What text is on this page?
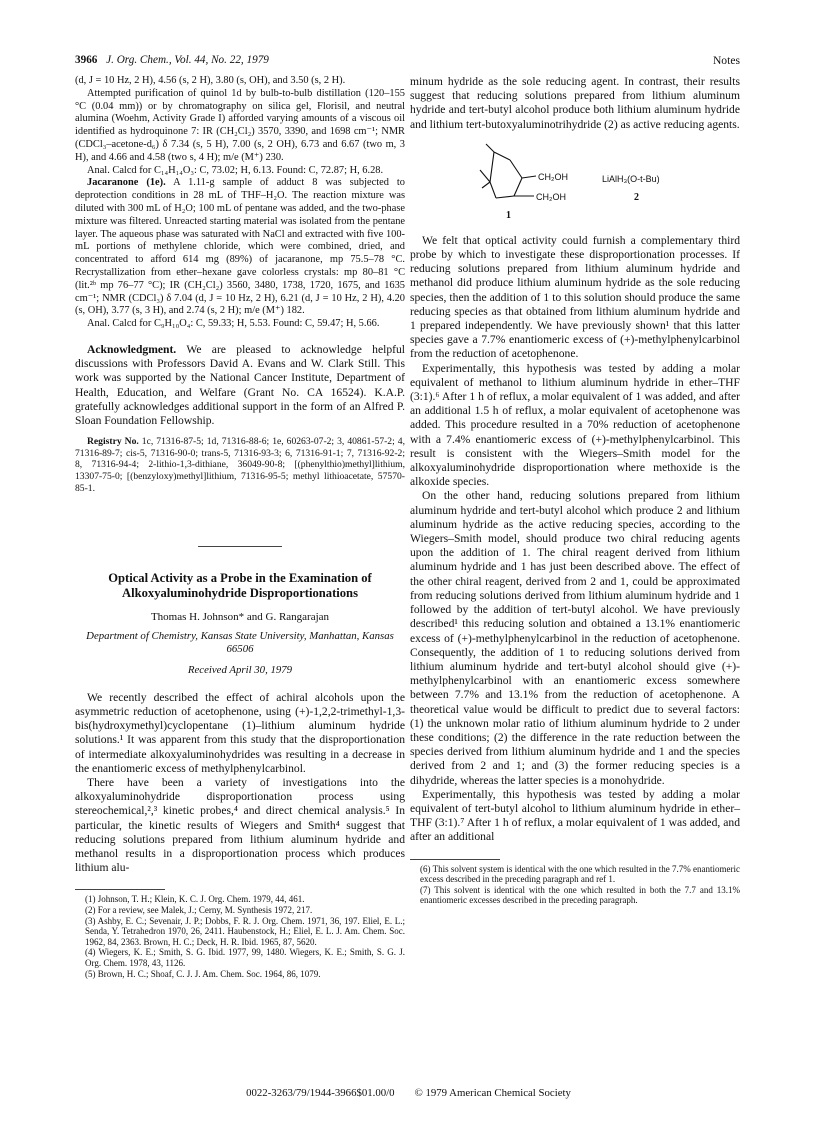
3966 J. Org. Chem., Vol. 44, No. 22, 1979	Notes

(d, J = 10 Hz, 2 H), 4.56 (s, 2 H), 3.80 (s, OH), and 3.50 (s, 2 H).

Attempted purification of quinol 1d by bulb-to-bulb distillation (120–155 °C (0.04 mm)) or by chromatography on silica gel, Florisil, and neutral alumina (Woehm, Activity Grade I) afforded varying amounts of a viscous oil identified as hydroquinone 7: IR (CH₂Cl₂) 3570, 3390, and 1698 cm⁻¹; NMR (CDCl₃–acetone-d₆) δ 7.34 (s, 5 H), 7.00 (s, 2 OH), 6.73 and 6.67 (two m, 3 H), and 4.66 and 4.58 (two s, 4 H); m/e (M⁺) 230.

Anal. Calcd for C₁₄H₁₄O₃: C, 73.02; H, 6.13. Found: C, 72.87; H, 6.28.

Jacaranone (1e). A 1.11-g sample of adduct 8 was subjected to deprotection conditions in 28 mL of THF–H₂O. The reaction mixture was diluted with 300 mL of H₂O; 100 mL of pentane was added, and the two-phase mixture was filtered. Unreacted starting material was isolated from the pentane layer. The aqueous phase was saturated with NaCl and extracted with five 100-mL portions of methylene chloride, which were combined, dried, and concentrated to afford 614 mg (89%) of jacaranone, mp 75.5–78 °C. Recrystallization from ether–hexane gave colorless crystals: mp 80–81 °C (lit.²ᵇ mp 76–77 °C); IR (CH₂Cl₂) 3560, 3480, 1738, 1720, 1675, and 1635 cm⁻¹; NMR (CDCl₃) δ 7.04 (d, J = 10 Hz, 2 H), 6.21 (d, J = 10 Hz, 2 H), 4.20 (s, OH), 3.77 (s, 3 H), and 2.74 (s, 2 H); m/e (M⁺) 182.

Anal. Calcd for C₉H₁₀O₄: C, 59.33; H, 5.53. Found: C, 59.47; H, 5.66.

Acknowledgment. We are pleased to acknowledge helpful discussions with Professors David A. Evans and W. Clark Still. This work was supported by the National Cancer Institute, Department of Health, Education, and Welfare (Grant No. CA 16524). K.A.P. gratefully acknowledges additional support in the form of an Alfred P. Sloan Foundation Fellowship.

Registry No. 1c, 71316-87-5; 1d, 71316-88-6; 1e, 60263-07-2; 3, 40861-57-2; 4, 71316-89-7; cis-5, 71316-90-0; trans-5, 71316-93-3; 6, 71316-91-1; 7, 71316-92-2; 8, 71316-94-4; 2-lithio-1,3-dithiane, 36049-90-8; [(phenylthio)methyl]lithium, 13307-75-0; [(benzyloxy)methyl]lithium, 71316-95-5; methyl lithioacetate, 57570-85-1.

Optical Activity as a Probe in the Examination of Alkoxyaluminohydride Disproportionations
Thomas H. Johnson* and G. Rangarajan
Department of Chemistry, Kansas State University, Manhattan, Kansas 66506
Received April 30, 1979

We recently described the effect of achiral alcohols upon the asymmetric reduction of acetophenone, using (+)-1,2,2-trimethyl-1,3-bis(hydroxymethyl)cyclopentane (1)–lithium aluminum hydride solutions.¹ It was apparent from this study that the disproportionation of intermediate alkoxyaluminohydrides was resulting in a decrease in the enantiomeric excess of methylphenylcarbinol.

There have been a variety of investigations into the alkoxyaluminohydride disproportionation process using stereochemical,²,³ kinetic probes,⁴ and direct chemical analysis.⁵ In particular, the kinetic results of Wiegers and Smith⁴ suggest that reducing solutions prepared from lithium aluminum hydride and methanol results in a disproportionation process which produces lithium alu-

(1) Johnson, T. H.; Klein, K. C. J. Org. Chem. 1979, 44, 461.
(2) For a review, see Malek, J.; Cerny, M. Synthesis 1972, 217.
(3) Ashby, E. C.; Sevenair, J. P.; Dobbs, F. R. J. Org. Chem. 1971, 36, 197. Eliel, E. L.; Senda, Y. Tetrahedron 1970, 26, 2411. Haubenstock, H.; Eliel, E. L. J. Am. Chem. Soc. 1962, 84, 2363. Brown, H. C.; Deck, H. R. Ibid. 1965, 87, 5620.
(4) Wiegers, K. E.; Smith, S. G. Ibid. 1977, 99, 1480. Wiegers, K. E.; Smith, S. G. J. Org. Chem. 1978, 43, 1126.
(5) Brown, H. C.; Shoaf, C. J. J. Am. Chem. Soc. 1964, 86, 1079.

minum hydride as the sole reducing agent. In contrast, their results suggest that reducing solutions prepared from lithium aluminum hydride and tert-butyl alcohol produce both lithium aluminum hydride and lithium tert-butoxyaluminotrihydride (2) as active reducing agents.

CH₂OH
CH₂OH
1
LiAlH₃(O-t-Bu)
2

We felt that optical activity could furnish a complementary third probe by which to investigate these disproportionation processes. If reducing solutions prepared from lithium aluminum hydride and methanol did produce lithium aluminum hydride as the sole reducing species, then the addition of 1 to this solution should produce the same reducing species as that obtained from lithium aluminum hydride and 1 prepared independently. We have previously shown¹ that this latter species gave a 7.7% enantiomeric excess of (+)-methylphenylcarbinol from the reduction of acetophenone.

Experimentally, this hypothesis was tested by adding a molar equivalent of methanol to lithium aluminum hydride in ether–THF (3:1).⁶ After 1 h of reflux, a molar equivalent of 1 was added, and after an additional 1.5 h of reflux, a molar equivalent of acetophenone was added. This procedure resulted in a 70% reduction of acetophenone with a 7.4% enantiomeric excess of (+)-methylphenylcarbinol. This result is consistent with the Wiegers–Smith model for the alkoxyaluminohydride disproportionation where methoxide is the alkoxide species.

On the other hand, reducing solutions prepared from lithium aluminum hydride and tert-butyl alcohol which produce 2 and lithium aluminum hydride as the active reducing species, according to the Wiegers–Smith model, should produce two chiral reducing agents upon the addition of 1. The chiral reagent derived from lithium aluminum hydride and 1 has just been described above. The effect of the other chiral reagent, derived from 2 and 1, could be approximated from reducing solutions derived from lithium aluminum hydride and 1 followed by the addition of tert-butyl alcohol. We have previously described¹ this reducing solution and obtained a 13.1% enantiomeric excess of (+)-methylphenylcarbinol in the reduction of acetophenone. Consequently, the addition of 1 to reducing solutions derived from lithium aluminum hydride and tert-butyl alcohol should give (+)-methylphenylcarbinol with an enantiomeric excess somewhere between 7.7% and 13.1% from the reduction of acetophenone. A theoretical value would be difficult to predict due to several factors: (1) the unknown molar ratio of lithium aluminum hydride to 2 under these conditions; (2) the difference in the rate reduction between the species derived from lithium aluminum hydride and 1 and the species derived from 2 and 1; and (3) the former reducing species is a dihydride, whereas the latter species is a monohydride.

Experimentally, this hypothesis was tested by adding a molar equivalent of tert-butyl alcohol to lithium aluminum hydride in ether–THF (3:1).⁷ After 1 h of reflux, a molar equivalent of 1 was added, and after an additional

(6) This solvent system is identical with the one which resulted in the 7.7% enantiomeric excess described in the preceding paragraph and ref 1.
(7) This solvent is identical with the one which resulted in both the 7.7 and 13.1% enantiomeric excesses described in the preceding paragraph.
0022-3263/79/1944-3966$01.00/0 © 1979 American Chemical Society
